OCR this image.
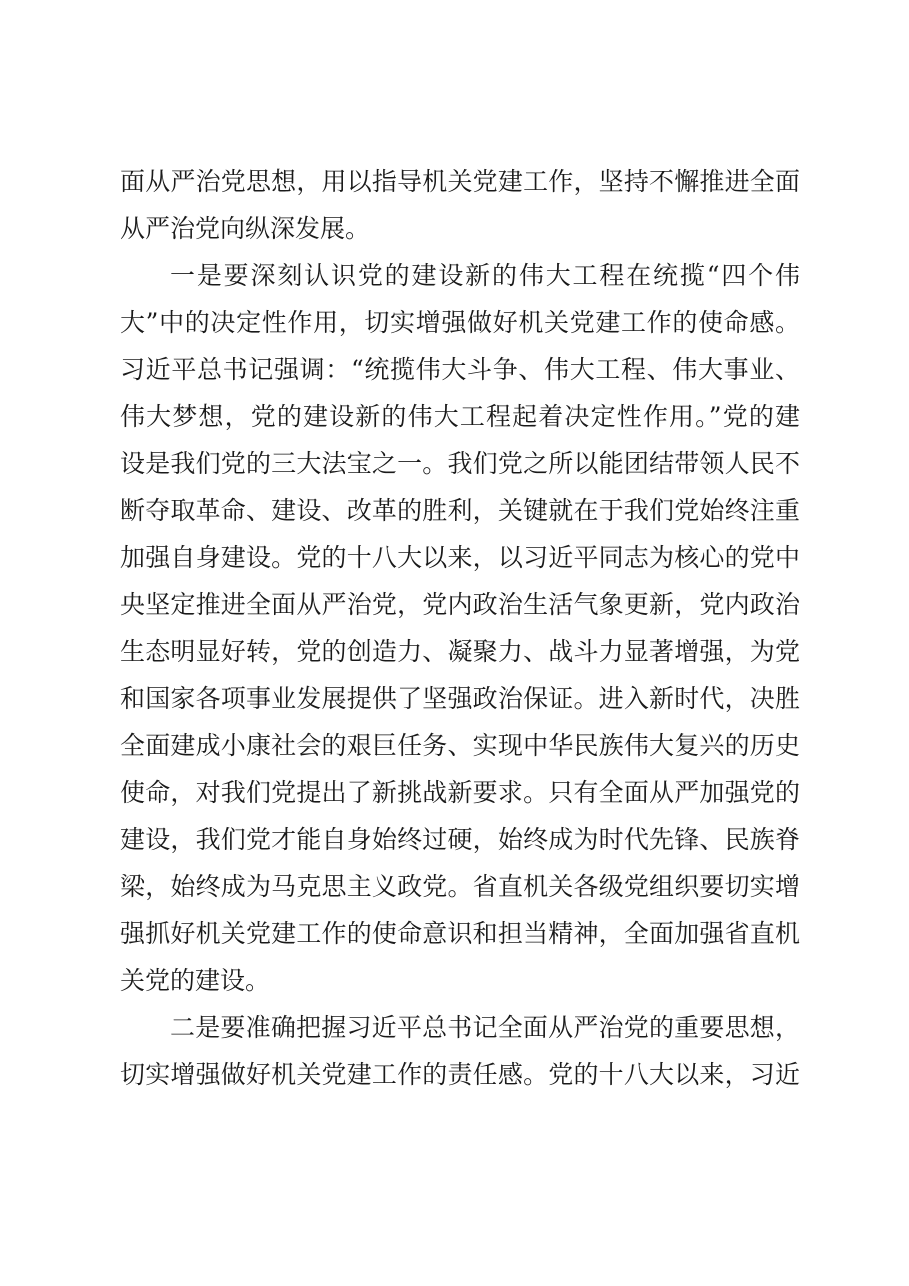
面从严治党思想，用以指导机关党建工作，坚持不懈推进全面
从严治党向纵深发展。
一是要深刻认识党的建设新的伟大工程在统揽“四个伟
大”中的决定性作用，切实增强做好机关党建工作的使命感。
习近平总书记强调：“统揽伟大斗争、伟大工程、伟大事业、
伟大梦想，党的建设新的伟大工程起着决定性作用。”党的建
设是我们党的三大法宝之一。我们党之所以能团结带领人民不
断夺取革命、建设、改革的胜利，关键就在于我们党始终注重
加强自身建设。党的十八大以来，以习近平同志为核心的党中
央坚定推进全面从严治党，党内政治生活气象更新，党内政治
生态明显好转，党的创造力、凝聚力、战斗力显著增强，为党
和国家各项事业发展提供了坚强政治保证。进入新时代，决胜
全面建成小康社会的艰巨任务、实现中华民族伟大复兴的历史
使命，对我们党提出了新挑战新要求。只有全面从严加强党的
建设，我们党才能自身始终过硬，始终成为时代先锋、民族脊
梁，始终成为马克思主义政党。省直机关各级党组织要切实增
强抓好机关党建工作的使命意识和担当精神，全面加强省直机
关党的建设。
二是要准确把握习近平总书记全面从严治党的重要思想，
切实增强做好机关党建工作的责任感。党的十八大以来，习近
